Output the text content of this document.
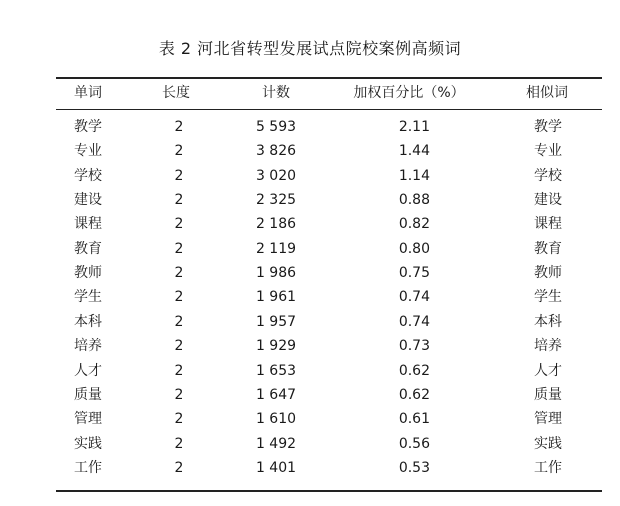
表 2 河北省转型发展试点院校案例高频词
单词	长度	计数	加权百分比（%）	相似词
教学	2	5 593	2.11	教学
专业	2	3 826	1.44	专业
学校	2	3 020	1.14	学校
建设	2	2 325	0.88	建设
课程	2	2 186	0.82	课程
教育	2	2 119	0.80	教育
教师	2	1 986	0.75	教师
学生	2	1 961	0.74	学生
本科	2	1 957	0.74	本科
培养	2	1 929	0.73	培养
人才	2	1 653	0.62	人才
质量	2	1 647	0.62	质量
管理	2	1 610	0.61	管理
实践	2	1 492	0.56	实践
工作	2	1 401	0.53	工作
